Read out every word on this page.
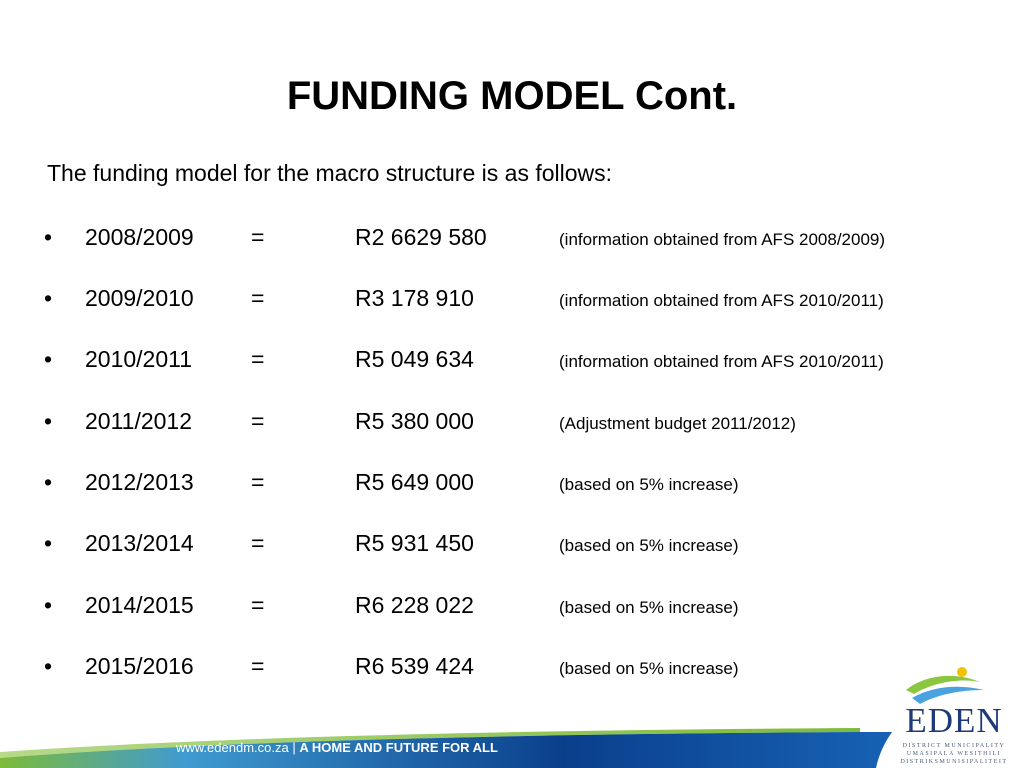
FUNDING MODEL Cont.
The funding model for the macro structure is as follows:
• 2008/2009 =	R2 6629 580	(information obtained from AFS 2008/2009)
• 2009/2010 =	R3 178 910	(information obtained from AFS 2010/2011)
• 2010/2011	=	R5 049 634	(information obtained from AFS 2010/2011)
• 2011/2012	=	R5 380 000	(Adjustment budget 2011/2012)
• 2012/2013 =	R5 649 000	(based on 5% increase)
• 2013/2014 =	R5 931 450	(based on 5% increase)
• 2014/2015 =	R6 228 022	(based on 5% increase)
• 2015/2016 =	R6 539 424	(based on 5% increase)
www.edendm.co.za | A HOME AND FUTURE FOR ALL
EDEN
DISTRICT MUNICIPALITY
UMASIPALA WESITHILI
DISTRIKSMUNISIPALITEIT
